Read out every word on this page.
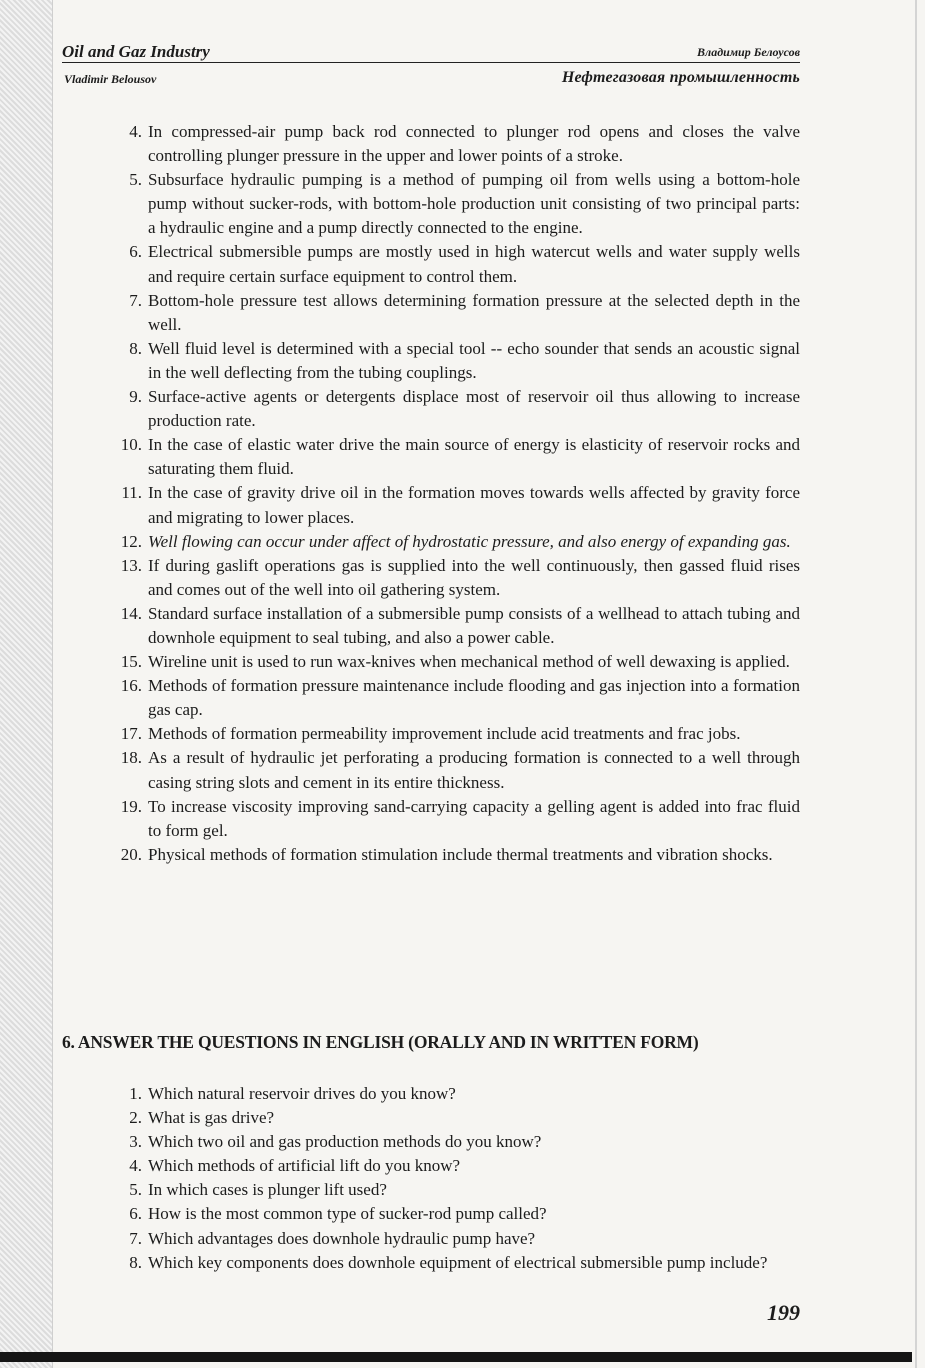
Oil and Gaz Industry	Владимир Белоусов
Vladimir Belousov	Нефтегазовая промышленность
4. In compressed-air pump back rod connected to plunger rod opens and closes the valve controlling plunger pressure in the upper and lower points of a stroke.
5. Subsurface hydraulic pumping is a method of pumping oil from wells using a bottom-hole pump without sucker-rods, with bottom-hole production unit consisting of two principal parts: a hydraulic engine and a pump directly connected to the engine.
6. Electrical submersible pumps are mostly used in high watercut wells and water supply wells and require certain surface equipment to control them.
7. Bottom-hole pressure test allows determining formation pressure at the selected depth in the well.
8. Well fluid level is determined with a special tool -- echo sounder that sends an acoustic signal in the well deflecting from the tubing couplings.
9. Surface-active agents or detergents displace most of reservoir oil thus allowing to increase production rate.
10. In the case of elastic water drive the main source of energy is elasticity of reservoir rocks and saturating them fluid.
11. In the case of gravity drive oil in the formation moves towards wells affected by gravity force and migrating to lower places.
12. Well flowing can occur under affect of hydrostatic pressure, and also energy of expanding gas.
13. If during gaslift operations gas is supplied into the well continuously, then gassed fluid rises and comes out of the well into oil gathering system.
14. Standard surface installation of a submersible pump consists of a wellhead to attach tubing and downhole equipment to seal tubing, and also a power cable.
15. Wireline unit is used to run wax-knives when mechanical method of well dewaxing is applied.
16. Methods of formation pressure maintenance include flooding and gas injection into a formation gas cap.
17. Methods of formation permeability improvement include acid treatments and frac jobs.
18. As a result of hydraulic jet perforating a producing formation is connected to a well through casing string slots and cement in its entire thickness.
19. To increase viscosity improving sand-carrying capacity a gelling agent is added into frac fluid to form gel.
20. Physical methods of formation stimulation include thermal treatments and vibration shocks.
6. ANSWER THE QUESTIONS IN ENGLISH (ORALLY AND IN WRITTEN FORM)
1. Which natural reservoir drives do you know?
2. What is gas drive?
3. Which two oil and gas production methods do you know?
4. Which methods of artificial lift do you know?
5. In which cases is plunger lift used?
6. How is the most common type of sucker-rod pump called?
7. Which advantages does downhole hydraulic pump have?
8. Which key components does downhole equipment of electrical submersible pump include?
199
